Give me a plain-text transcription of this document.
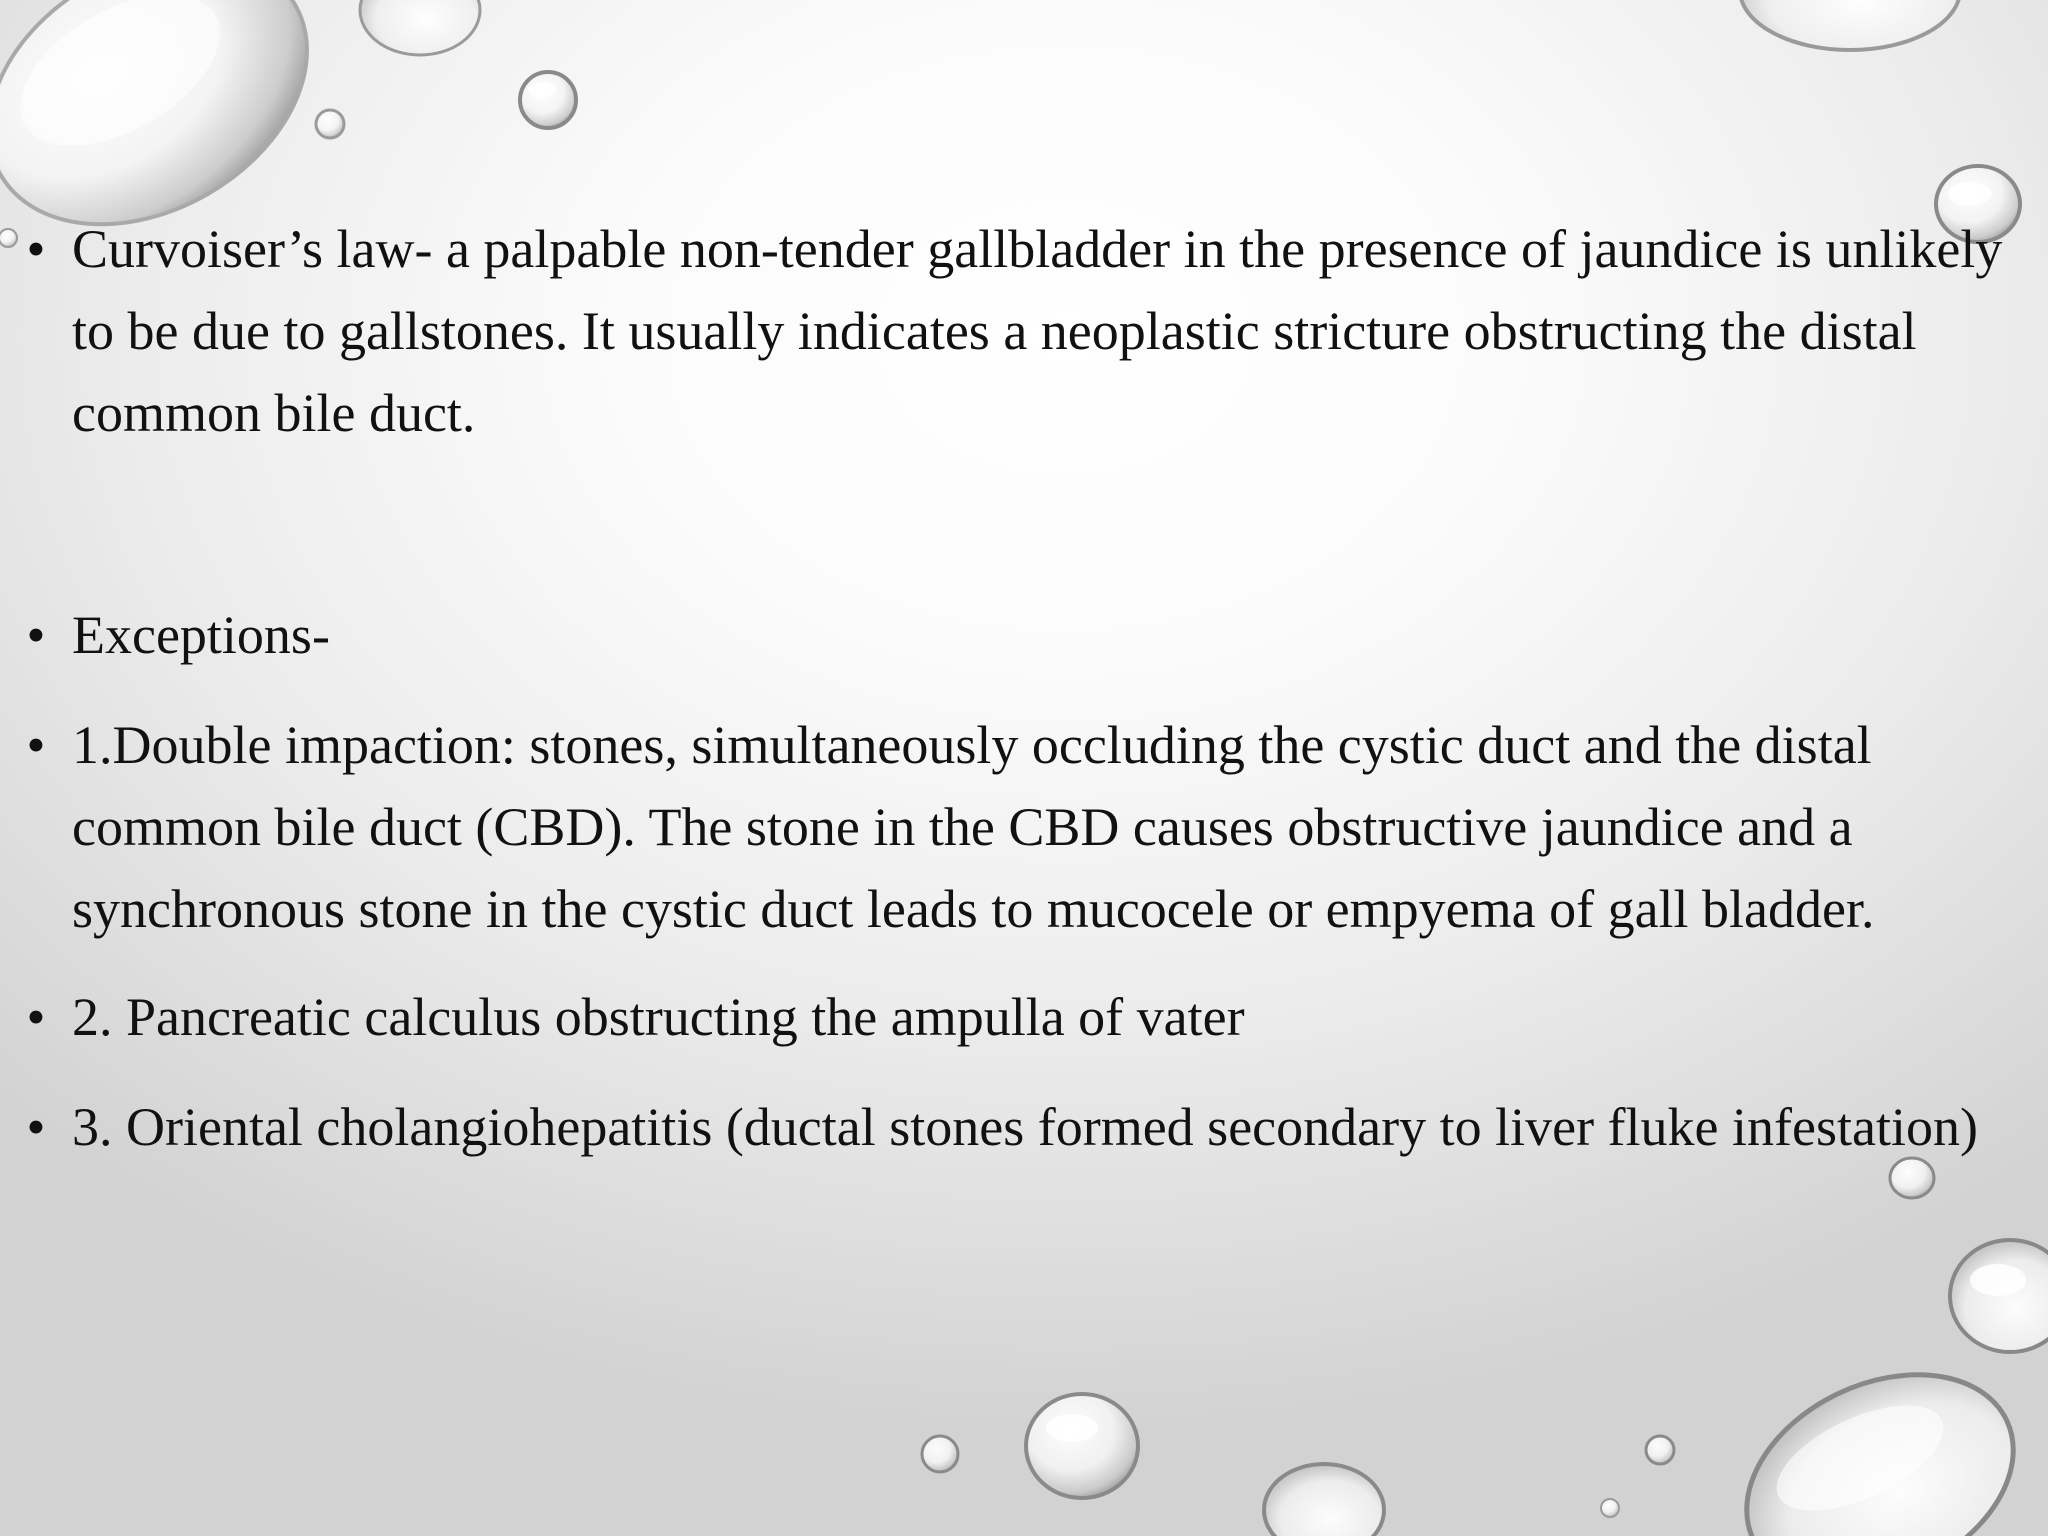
• Curvoiser’s law- a palpable non-tender gallbladder in the presence of jaundice is unlikely to be due to gallstones. It usually indicates a neoplastic stricture obstructing the distal common bile duct.
• Exceptions-
• 1.Double impaction: stones, simultaneously occluding the cystic duct and the distal common bile duct (CBD). The stone in the CBD causes obstructive jaundice and a synchronous stone in the cystic duct leads to mucocele or empyema of gall bladder.
• 2. Pancreatic calculus obstructing the ampulla of vater
• 3. Oriental cholangiohepatitis (ductal stones formed secondary to liver fluke infestation)
